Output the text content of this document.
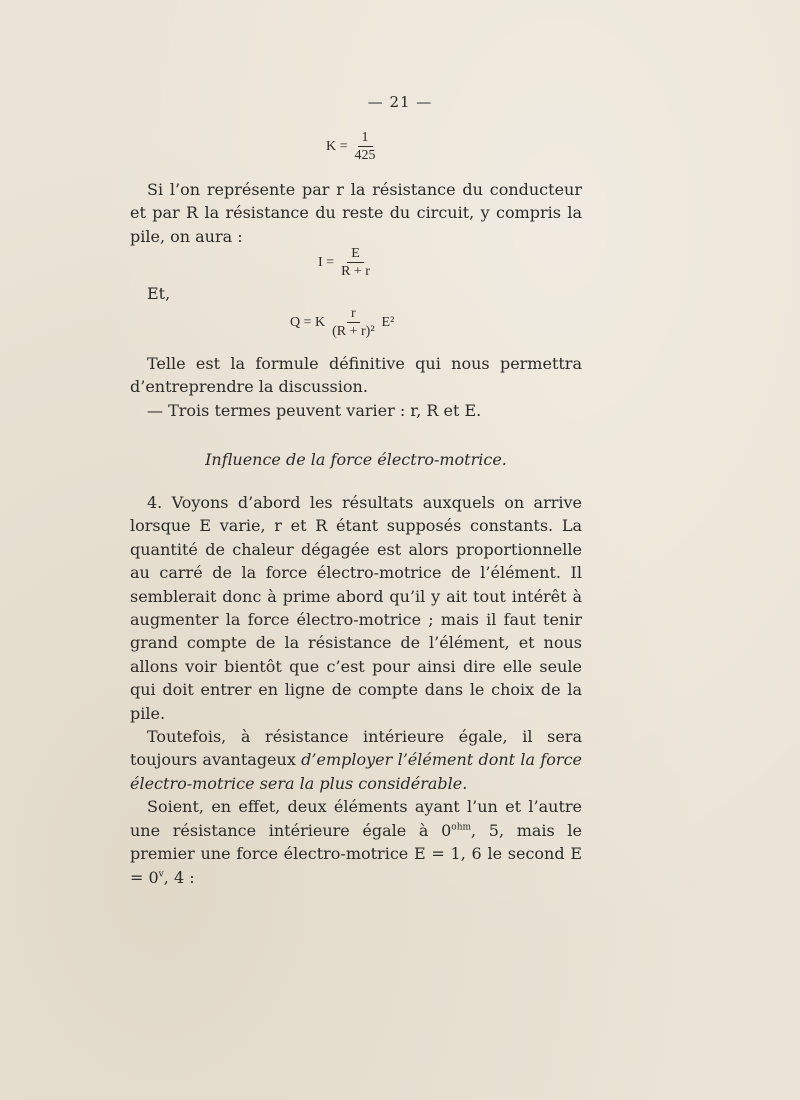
— 21 —
$K = \frac{1}{425}$

Si l’on représente par r la résistance du conducteur et par R la résistance du reste du circuit, y compris la pile, on aura :

$I = \frac{E}{R + r}$

Et,

Q = K $\frac{r}{\text{(R + r)²}} E^2$

Telle est la formule définitive qui nous permettra d’entreprendre la discussion.

— Trois termes peuvent varier : r, R et E.

Influence de la force électro-motrice.

4. Voyons d’abord les résultats auxquels on arrive lorsque E varie, r et R étant supposés constants. La quantité de chaleur dégagée est alors proportionnelle au carré de la force électro-motrice de l’élément. Il semblerait donc à prime abord qu’il y ait tout intérêt à augmenter la force électro-motrice ; mais il faut tenir grand compte de la résistance de l’élément, et nous allons voir bientôt que c’est pour ainsi dire elle seule qui doit entrer en ligne de compte dans le choix de la pile.

Toutefois, à résistance intérieure égale, il sera toujours avantageux d’employer l’élément dont la force électro-motrice sera la plus considérable.

Soient, en effet, deux éléments ayant l’un et l’autre une résistance intérieure égale à $0^{ohm}$, 5, mais le premier une force électro-motrice E = 1, 6 le second $E = 0^v$, 4 :
